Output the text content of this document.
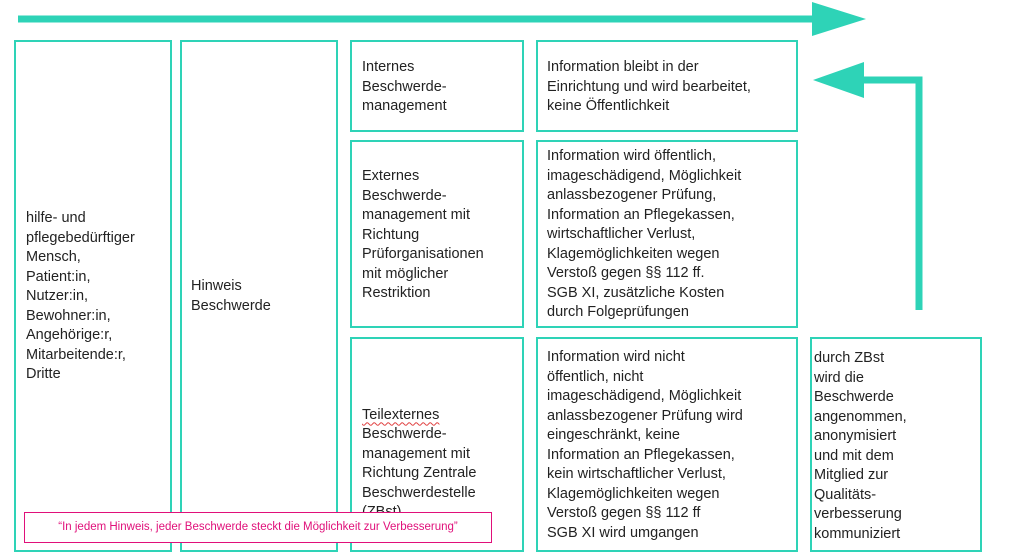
hilfe- und
pflegebedürftiger
Mensch,
Patient:in,
Nutzer:in,
Bewohner:in,
Angehörige:r,
Mitarbeitende:r,
Dritte
Hinweis
Beschwerde
Internes
Beschwerde-
management
Information bleibt in der
Einrichtung und wird bearbeitet,
keine Öffentlichkeit
Externes
Beschwerde-
management mit
Richtung
Prüforganisationen
mit möglicher
Restriktion
Information wird öffentlich,
imageschädigend, Möglichkeit
anlassbezogener Prüfung,
Information an Pflegekassen,
wirtschaftlicher Verlust,
Klagemöglichkeiten wegen
Verstoß gegen §§ 112 ff.
SGB XI, zusätzliche Kosten
durch Folgeprüfungen

Teilexternes

Beschwerde-
management mit
Richtung Zentrale
Beschwerdestelle

Information wird nicht
öffentlich, nicht
imageschädigend, Möglichkeit
anlassbezogener Prüfung wird
eingeschränkt, keine
Information an Pflegekassen,
kein wirtschaftlicher Verlust,
Klagemöglichkeiten wegen
Verstoß gegen §§ 112 ff
SGB XI wird umgangen
durch ZBst
wird die
Beschwerde
angenommen,
anonymisiert
und mit dem
Mitglied zur
Qualitäts-
verbesserung
kommuniziert
“In jedem Hinweis, jeder Beschwerde steckt die Möglichkeit zur Verbesserung”
